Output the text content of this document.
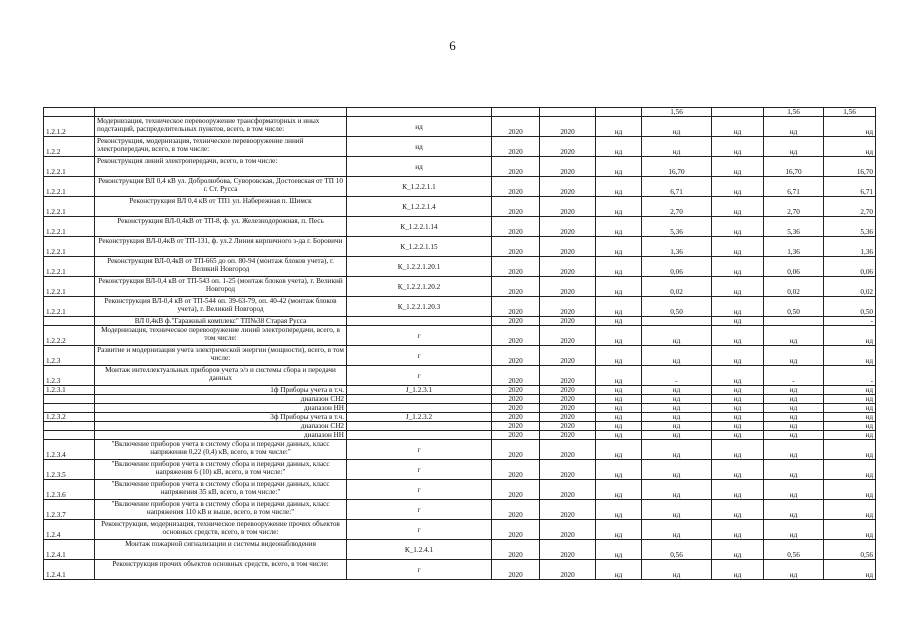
6
						1,56		1,56	1,56
1.2.1.2	Модернизация, техническое перевооружение трансформаторных и иных подстанций, распределительных пунктов, всего, в том числе:	нд	2020	2020	нд	нд	нд	нд	нд
1.2.2	Реконструкция, модернизация, техническое перевооружение линий электропередачи, всего, в том числе:	нд	2020	2020	нд	нд	нд	нд	нд
1.2.2.1	Реконструкция линий электропередачи, всего, в том числе:	нд	2020	2020	нд	16,70	нд	16,70	16,70
1.2.2.1	Реконструкция ВЛ 0,4 кВ ул. Добролюбова, Суворовская, Достоевская от ТП 10 г. Ст. Русса	К_1.2.2.1.1	2020	2020	нд	6,71	нд	6,71	6,71
1.2.2.1	Реконструкция ВЛ 0,4 кВ от ТП1 ул. Набережная п. Шимск	К_1.2.2.1.4	2020	2020	нд	2,70	нд	2,70	2,70
1.2.2.1	Реконструкция ВЛ-0,4кВ от ТП-8, ф. ул. Железнодорожная, п. Песь	К_1.2.2.1.14	2020	2020	нд	5,36	нд	5,36	5,36
1.2.2.1	Реконструкция ВЛ-0,4кВ от ТП-131, ф. ул.2 Линия кирпичного з-да г. Боровичи	К_1.2.2.1.15	2020	2020	нд	1,36	нд	1,36	1,36
1.2.2.1	Реконструкция ВЛ-0,4кВ от ТП-665 до оп. 80-94 (монтаж блоков учета), г. Великий Новгород	К_1.2.2.1.20.1	2020	2020	нд	0,06	нд	0,06	0,06
1.2.2.1	Реконструкция ВЛ-0,4 кВ от ТП-543 оп. 1-25 (монтаж блоков учета), г. Великий Новгород	К_1.2.2.1.20.2	2020	2020	нд	0,02	нд	0,02	0,02
1.2.2.1	Реконструкция ВЛ-0,4 кВ от ТП-544 оп. 39-63-79, оп. 40-42 (монтаж блоков учета), г. Великий Новгород	К_1.2.2.1.20.3	2020	2020	нд	0,50	нд	0,50	0,50
	ВЛ 0,4кВ ф."Гаражный комплекс" ТП№38 Старая Русса		2020	2020	нд		нд		-
1.2.2.2	Модернизация, техническое перевооружение линий электропередачи, всего, в том числе:	г	2020	2020	нд	нд	нд	нд	нд
1.2.3	Развитие и модернизация учета электрической энергии (мощности), всего, в том числе:	г	2020	2020	нд	нд	нд	нд	нд
1.2.3	Монтаж интеллектуальных приборов учета э/э и системы сбора и передачи данных	г	2020	2020	нд	-	нд	-	-
1.2.3.1	1ф Приборы учета в т.ч.	J_1.2.3.1	2020	2020	нд	нд	нд	нд	нд
	диапазон СН2		2020	2020	нд	нд	нд	нд	нд
	диапазон НН		2020	2020	нд	нд	нд	нд	нд
1.2.3.2	3ф Приборы учета в т.ч.	J_1.2.3.2	2020	2020	нд	нд	нд	нд	нд
	диапазон СН2		2020	2020	нд	нд	нд	нд	нд
	диапазон НН		2020	2020	нд	нд	нд	нд	нд
1.2.3.4	"Включение приборов учета в систему сбора и передачи данных, класс напряжения 0,22 (0,4) кВ, всего, в том числе:"	г	2020	2020	нд	нд	нд	нд	нд
1.2.3.5	"Включение приборов учета в систему сбора и передачи данных, класс напряжения 6 (10) кВ, всего, в том числе:"	г	2020	2020	нд	нд	нд	нд	нд
1.2.3.6	"Включение приборов учета в систему сбора и передачи данных, класс напряжения 35 кВ, всего, в том числе:"	г	2020	2020	нд	нд	нд	нд	нд
1.2.3.7	"Включение приборов учета в систему сбора и передачи данных, класс напряжения 110 кВ и выше, всего, в том числе:"	г	2020	2020	нд	нд	нд	нд	нд
1.2.4	Реконструкция, модернизация, техническое перевооружение прочих объектов основных средств, всего, в том числе:	г	2020	2020	нд	нд	нд	нд	нд
1.2.4.1	Монтаж пожарной сигнализации и системы видеонаблюдения	К_1.2.4.1	2020	2020	нд	0,56	нд	0,56	0,56
1.2.4.1	Реконструкция прочих объектов основных средств, всего, в том числе:	г	2020	2020	нд	нд	нд	нд	нд
